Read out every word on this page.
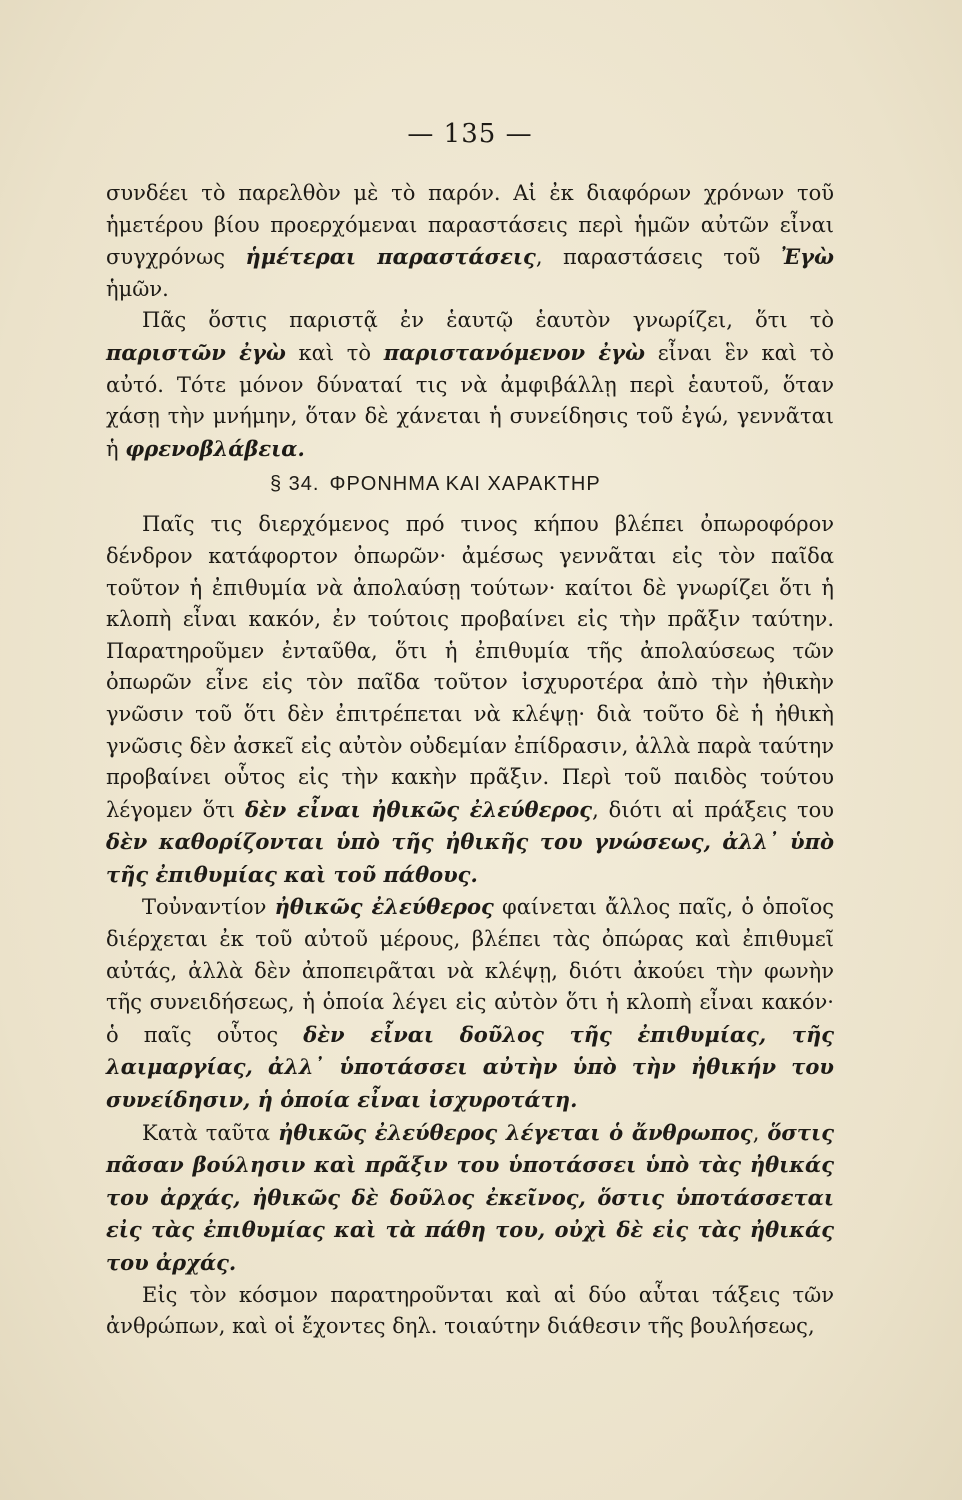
— 135 —

συνδέει τὸ παρελθὸν μὲ τὸ παρόν. Αἱ ἐκ διαφόρων χρόνων τοῦ ἡμετέρου βίου προερχόμεναι παραστάσεις περὶ ἡμῶν αὐτῶν εἶναι συγχρόνως ἡμέτεραι παραστάσεις, παραστάσεις τοῦ Ἐγὼ ἡμῶν.

Πᾶς ὅστις παριστᾷ ἐν ἑαυτῷ ἑαυτὸν γνωρίζει, ὅτι τὸ παριστῶν ἐγὼ καὶ τὸ παριστανόμενον ἐγὼ εἶναι ἓν καὶ τὸ αὐτό. Τότε μόνον δύναταί τις νὰ ἀμφιβάλλῃ περὶ ἑαυτοῦ, ὅταν χάσῃ τὴν μνήμην, ὅταν δὲ χάνεται ἡ συνείδησις τοῦ ἐγώ, γεννᾶται ἡ φρενοβλάβεια.

§ 34. ΦΡΟΝΗΜΑ ΚΑΙ ΧΑΡΑΚΤΗΡ

Παῖς τις διερχόμενος πρό τινος κήπου βλέπει ὀπωροφόρον δένδρον κατάφορτον ὀπωρῶν· ἀμέσως γεννᾶται εἰς τὸν παῖδα τοῦτον ἡ ἐπιθυμία νὰ ἀπολαύσῃ τούτων· καίτοι δὲ γνωρίζει ὅτι ἡ κλοπὴ εἶναι κακόν, ἐν τούτοις προβαίνει εἰς τὴν πρᾶξιν ταύτην. Παρατηροῦμεν ἐνταῦθα, ὅτι ἡ ἐπιθυμία τῆς ἀπολαύσεως τῶν ὀπωρῶν εἶνε εἰς τὸν παῖδα τοῦτον ἰσχυροτέρα ἀπὸ τὴν ἠθικὴν γνῶσιν τοῦ ὅτι δὲν ἐπιτρέπεται νὰ κλέψῃ· διὰ τοῦτο δὲ ἡ ἠθικὴ γνῶσις δὲν ἀσκεῖ εἰς αὐτὸν οὐδεμίαν ἐπίδρασιν, ἀλλὰ παρὰ ταύτην προβαίνει οὗτος εἰς τὴν κακὴν πρᾶξιν. Περὶ τοῦ παιδὸς τούτου λέγομεν ὅτι δὲν εἶναι ἠθικῶς ἐλεύθερος, διότι αἱ πράξεις του δὲν καθορίζονται ὑπὸ τῆς ἠθικῆς του γνώσεως, ἀλλ᾽ ὑπὸ τῆς ἐπιθυμίας καὶ τοῦ πάθους.

Τοὐναντίον ἠθικῶς ἐλεύθερος φαίνεται ἄλλος παῖς, ὁ ὁποῖος διέρχεται ἐκ τοῦ αὐτοῦ μέρους, βλέπει τὰς ὀπώρας καὶ ἐπιθυμεῖ αὐτάς, ἀλλὰ δὲν ἀποπειρᾶται νὰ κλέψῃ, διότι ἀκούει τὴν φωνὴν τῆς συνειδήσεως, ἡ ὁποία λέγει εἰς αὐτὸν ὅτι ἡ κλοπὴ εἶναι κακόν· ὁ παῖς οὗτος δὲν εἶναι δοῦλος τῆς ἐπιθυμίας, τῆς λαιμαργίας, ἀλλ᾽ ὑποτάσσει αὐτὴν ὑπὸ τὴν ἠθικήν του συνείδησιν, ἡ ὁποία εἶναι ἰσχυροτάτη.

Κατὰ ταῦτα ἠθικῶς ἐλεύθερος λέγεται ὁ ἄνθρωπος, ὅστις πᾶσαν βούλησιν καὶ πρᾶξιν του ὑποτάσσει ὑπὸ τὰς ἠθικάς του ἀρχάς, ἠθικῶς δὲ δοῦλος ἐκεῖνος, ὅστις ὑποτάσσεται εἰς τὰς ἐπιθυμίας καὶ τὰ πάθη του, οὐχὶ δὲ εἰς τὰς ἠθικάς του ἀρχάς.

Εἰς τὸν κόσμον παρατηροῦνται καὶ αἱ δύο αὗται τάξεις τῶν ἀνθρώπων, καὶ οἱ ἔχοντες δηλ. τοιαύτην διάθεσιν τῆς βουλήσεως,
